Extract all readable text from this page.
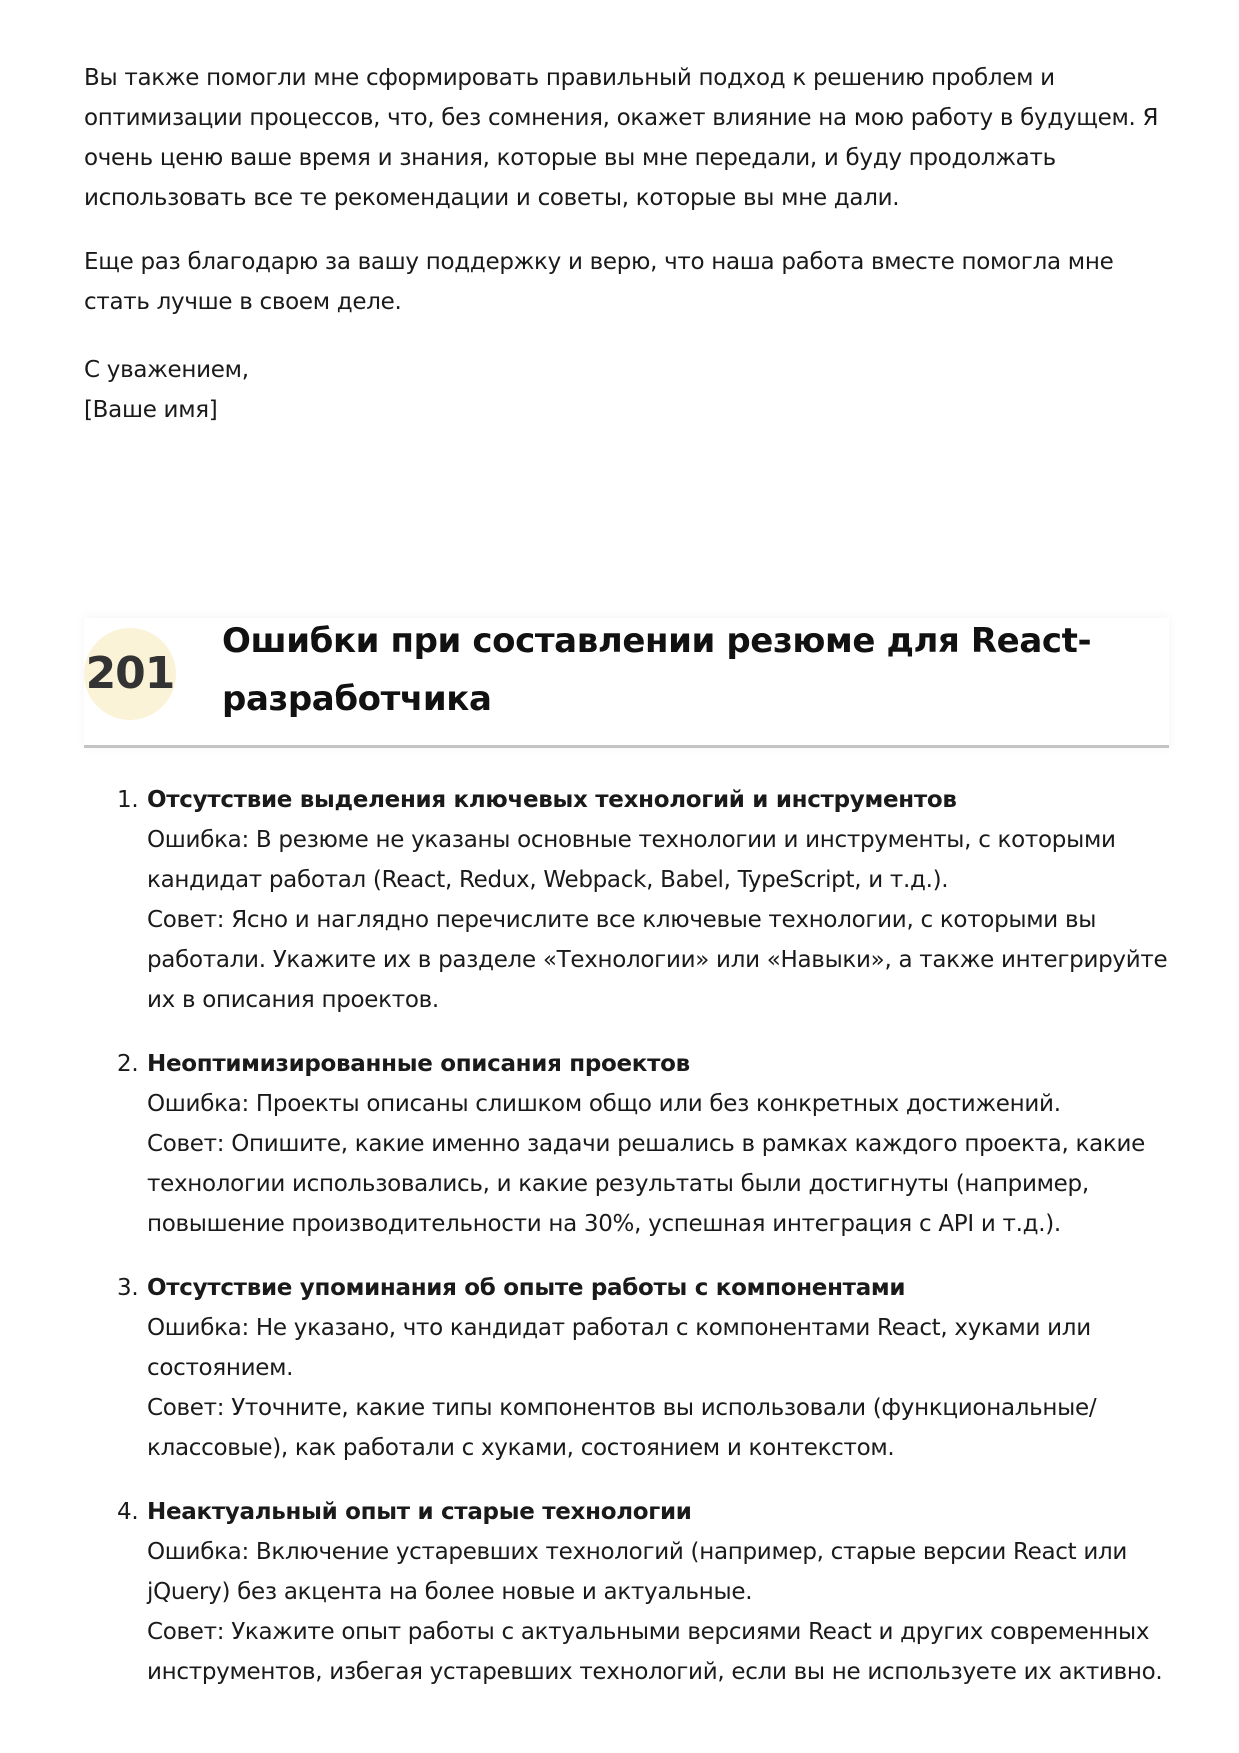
Вы также помогли мне сформировать правильный подход к решению проблем и оптимизации процессов, что, без сомнения, окажет влияние на мою работу в будущем. Я очень ценю ваше время и знания, которые вы мне передали, и буду продолжать использовать все те рекомендации и советы, которые вы мне дали.

Еще раз благодарю за вашу поддержку и верю, что наша работа вместе помогла мне стать лучше в своем деле.

С уважением,
[Ваше имя]
201
Ошибки при составлении резюме для React-разработчика
1. Отсутствие выделения ключевых технологий и инструментов
Ошибка: В резюме не указаны основные технологии и инструменты, с которыми кандидат работал (React, Redux, Webpack, Babel, TypeScript, и т.д.).
Совет: Ясно и наглядно перечислите все ключевые технологии, с которыми вы работали. Укажите их в разделе «Технологии» или «Навыки», а также интегрируйте их в описания проектов.
2. Неоптимизированные описания проектов
Ошибка: Проекты описаны слишком общо или без конкретных достижений.
Совет: Опишите, какие именно задачи решались в рамках каждого проекта, какие технологии использовались, и какие результаты были достигнуты (например, повышение производительности на 30%, успешная интеграция с API и т.д.).
3. Отсутствие упоминания об опыте работы с компонентами
Ошибка: Не указано, что кандидат работал с компонентами React, хуками или состоянием.
Совет: Уточните, какие типы компонентов вы использовали (функциональные/классовые), как работали с хуками, состоянием и контекстом.
4. Неактуальный опыт и старые технологии
Ошибка: Включение устаревших технологий (например, старые версии React или jQuery) без акцента на более новые и актуальные.
Совет: Укажите опыт работы с актуальными версиями React и других современных инструментов, избегая устаревших технологий, если вы не используете их активно.
